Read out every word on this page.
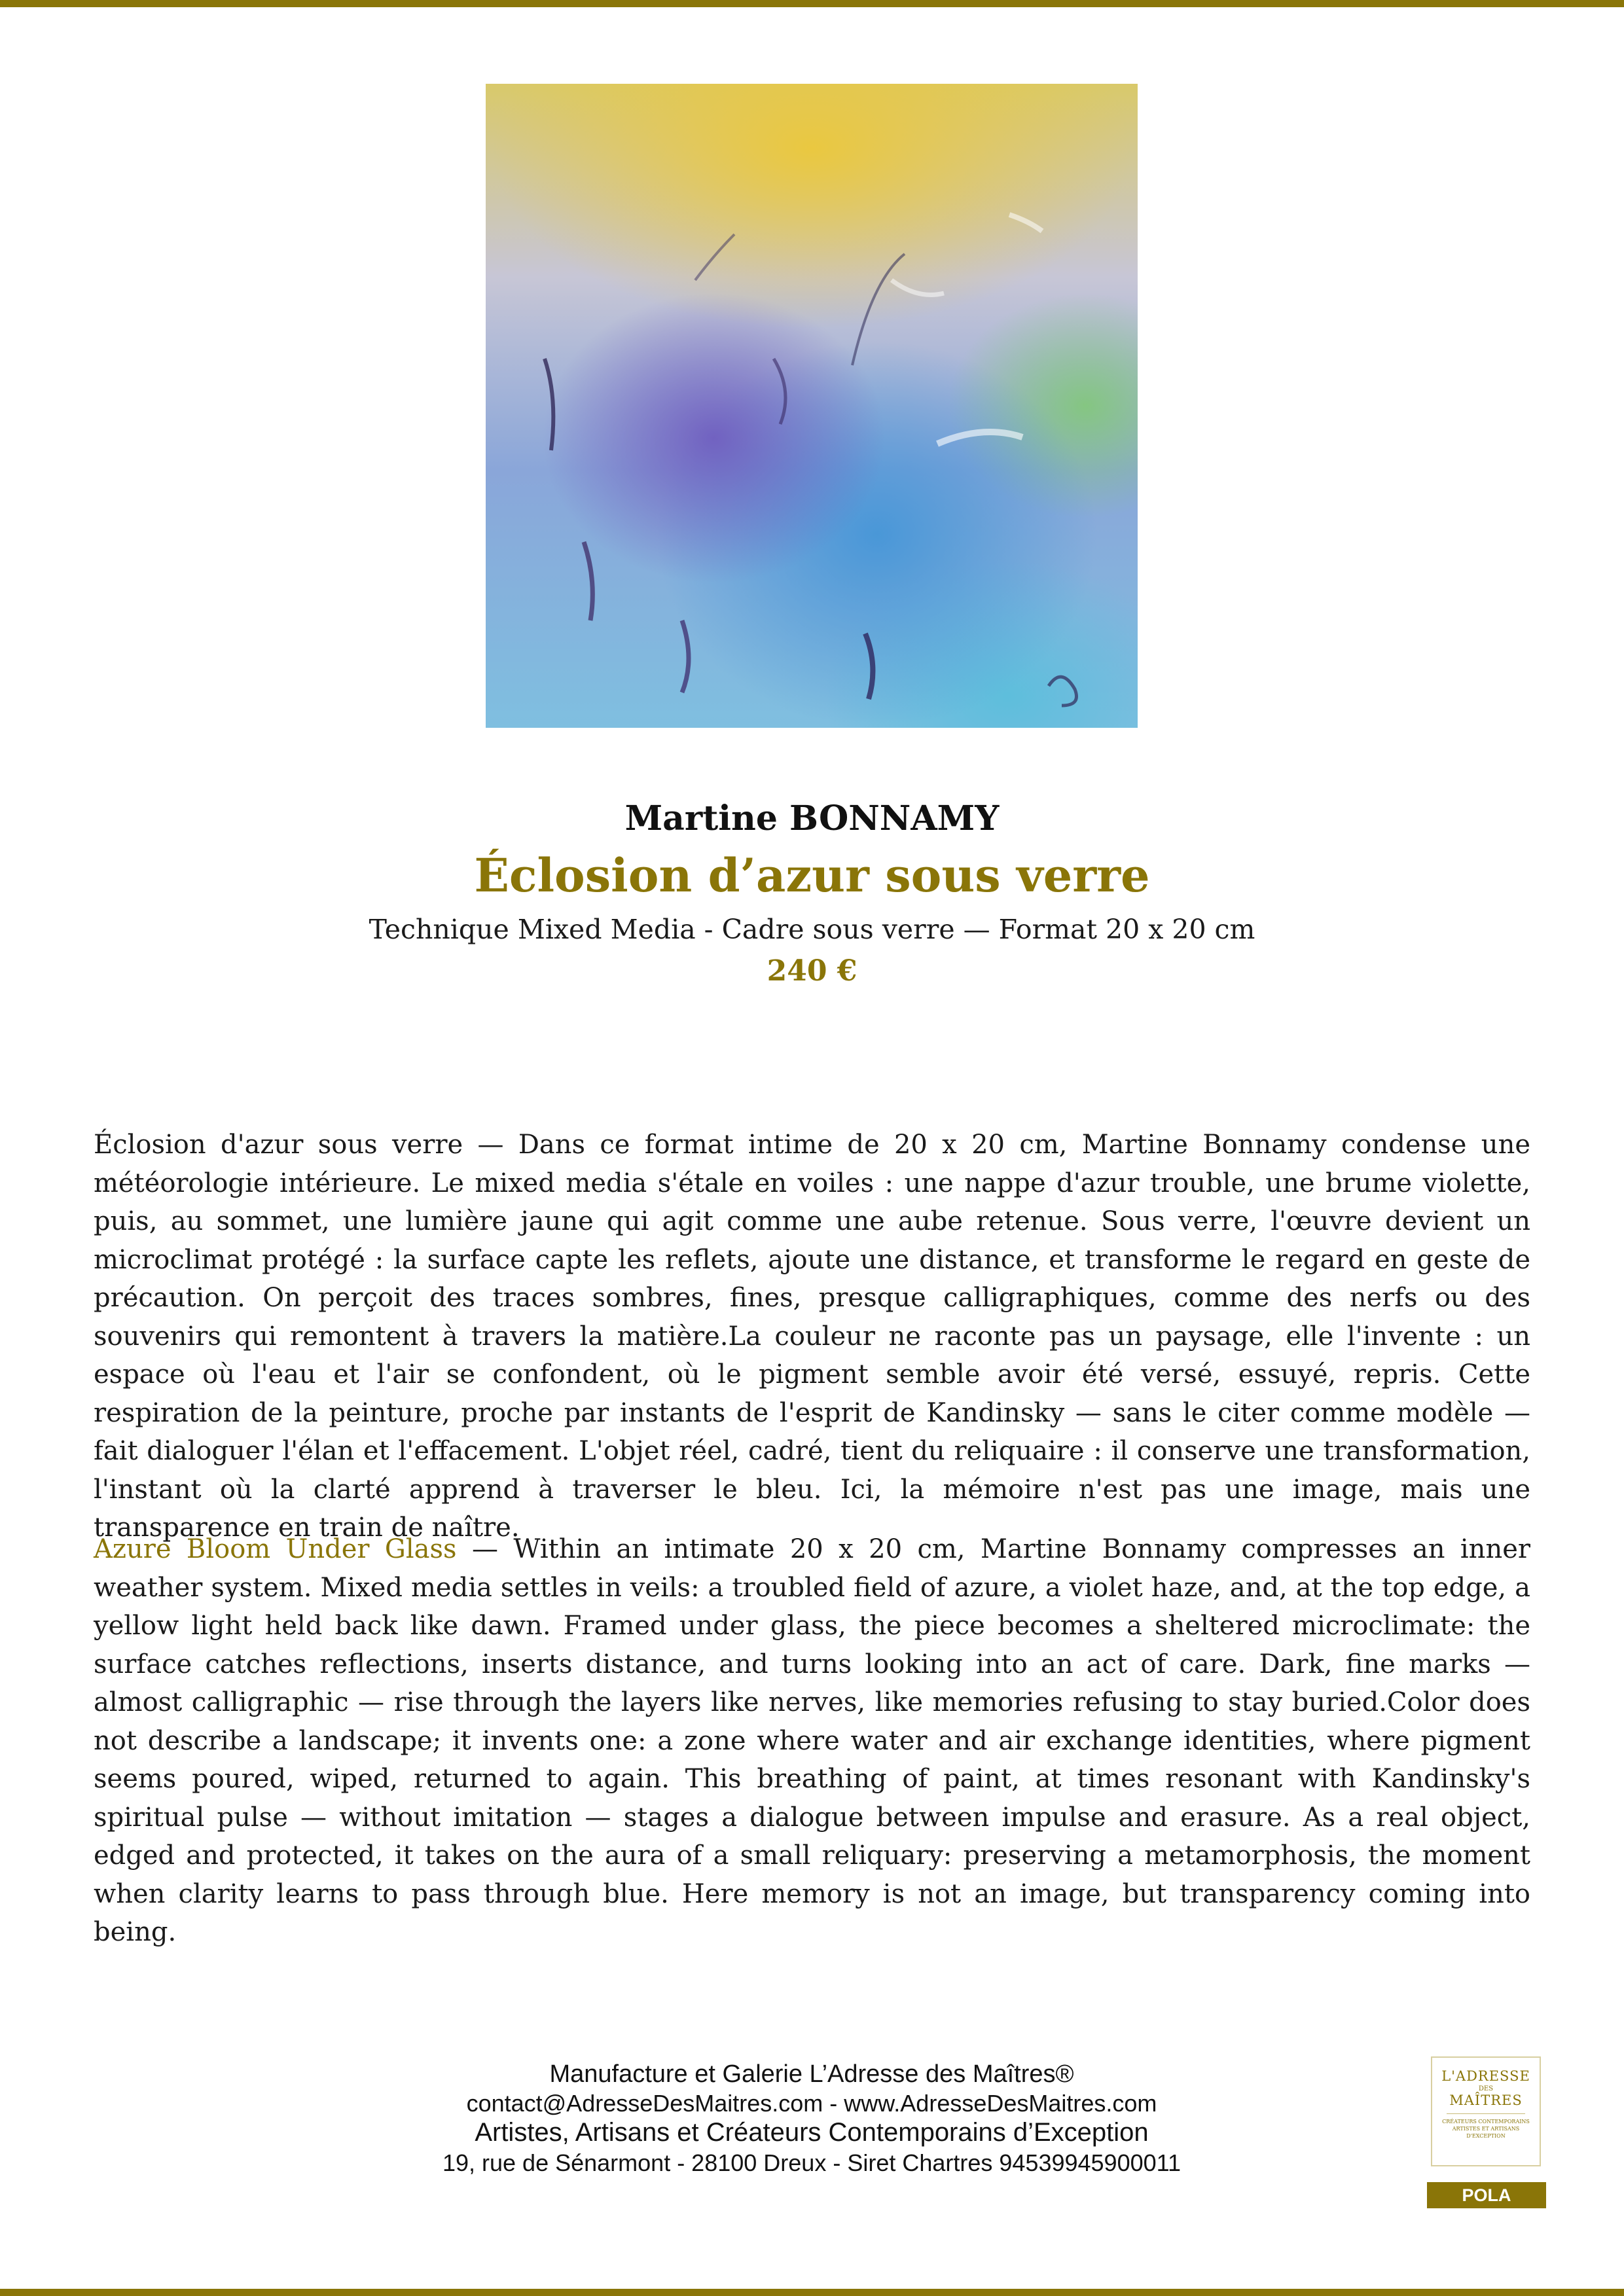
Martine BONNAMY
Éclosion d’azur sous verre
Technique Mixed Media - Cadre sous verre — Format 20 x 20 cm
240 €
Éclosion d'azur sous verre — Dans ce format intime de 20 x 20 cm, Martine Bonnamy condense une météorologie intérieure. Le mixed media s'étale en voiles : une nappe d'azur trouble, une brume violette, puis, au sommet, une lumière jaune qui agit comme une aube retenue. Sous verre, l'œuvre devient un microclimat protégé : la surface capte les reflets, ajoute une distance, et transforme le regard en geste de précaution. On perçoit des traces sombres, fines, presque calligraphiques, comme des nerfs ou des souvenirs qui remontent à travers la matière.La couleur ne raconte pas un paysage, elle l'invente : un espace où l'eau et l'air se confondent, où le pigment semble avoir été versé, essuyé, repris. Cette respiration de la peinture, proche par instants de l'esprit de Kandinsky — sans le citer comme modèle — fait dialoguer l'élan et l'effacement. L'objet réel, cadré, tient du reliquaire : il conserve une transformation, l'instant où la clarté apprend à traverser le bleu. Ici, la mémoire n'est pas une image, mais une transparence en train de naître.
Azure Bloom Under Glass — Within an intimate 20 x 20 cm, Martine Bonnamy compresses an inner weather system. Mixed media settles in veils: a troubled field of azure, a violet haze, and, at the top edge, a yellow light held back like dawn. Framed under glass, the piece becomes a sheltered microclimate: the surface catches reflections, inserts distance, and turns looking into an act of care. Dark, fine marks — almost calligraphic — rise through the layers like nerves, like memories refusing to stay buried.Color does not describe a landscape; it invents one: a zone where water and air exchange identities, where pigment seems poured, wiped, returned to again. This breathing of paint, at times resonant with Kandinsky's spiritual pulse — without imitation — stages a dialogue between impulse and erasure. As a real object, edged and protected, it takes on the aura of a small reliquary: preserving a metamorphosis, the moment when clarity learns to pass through blue. Here memory is not an image, but transparency coming into being.
Manufacture et Galerie L’Adresse des Maîtres®
contact@AdresseDesMaitres.com - www.AdresseDesMaitres.com
Artistes, Artisans et Créateurs Contemporains d’Exception
19, rue de Sénarmont - 28100 Dreux - Siret Chartres 94539945900011
L'ADRESSE
DES
MAÎTRES
CRÉATEURS CONTEMPORAINS ARTISTES ET ARTISANS D'EXCEPTION
POLA
